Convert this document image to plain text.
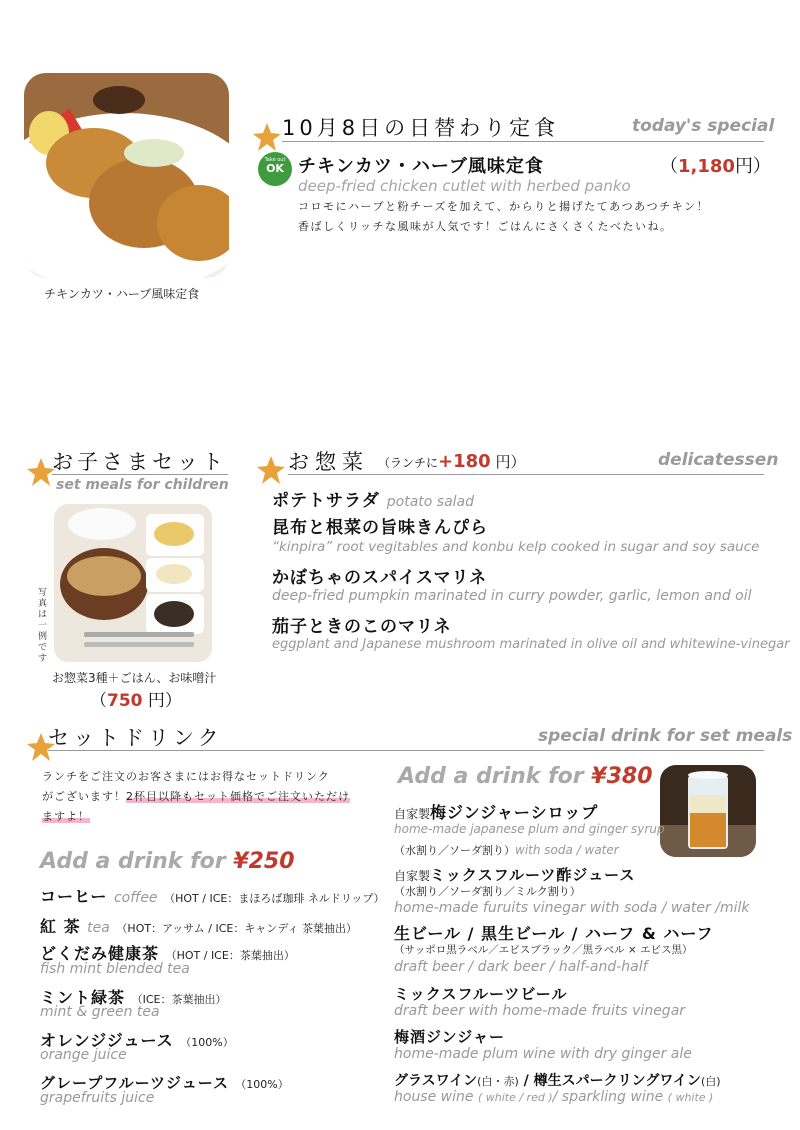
チキンカツ・ハーブ風味定食
10月8日の日替わり定食	today's special
Take out
OK チキンカツ・ハーブ風味定食	（1,180円）
deep-fried chicken cutlet with herbed panko
コロモにハーブと粉チーズを加えて、からりと揚げたてあつあつチキン！
香ばしくリッチな風味が人気です！ごはんにさくさくたべたいね。
お子さまセット
set meals for children
写真は一例です
お惣菜3種＋ごはん、お味噌汁
（750 円）
お惣菜 （ランチに+180 円）	delicatessen
ポテトサラダ potato salad
昆布と根菜の旨味きんぴら
“kinpira” root vegitables and konbu kelp cooked in sugar and soy sauce
かぼちゃのスパイスマリネ
deep-fried pumpkin marinated in curry powder, garlic, lemon and oil
茄子ときのこのマリネ
eggplant and Japanese mushroom marinated in olive oil and whitewine-vinegar
セットドリンク	special drink for set meals
ランチをご注文のお客さまにはお得なセットドリンク
がございます！2杯目以降もセット価格でご注文いただけ
ますよ！
Add a drink for ¥250
コーヒー coffee （HOT / ICE：まほろば珈琲 ネルドリップ）
紅 茶 tea （HOT：アッサム / ICE：キャンディ 茶葉抽出）
どくだみ健康茶 （HOT / ICE：茶葉抽出）
fish mint blended tea
ミント緑茶 （ICE：茶葉抽出）
mint & green tea
オレンジジュース （100%）
orange juice
グレープフルーツジュース （100%）
grapefruits juice
Add a drink for ¥380
自家製梅ジンジャーシロップ
home-made japanese plum and ginger syrup
（水割り／ソーダ割り）with soda / water
自家製ミックスフルーツ酢ジュース
（水割り／ソーダ割り／ミルク割り）
home-made furuits vinegar with soda / water /milk
生ビール / 黒生ビール / ハーフ & ハーフ
（サッポロ黒ラベル／エビスブラック／黒ラベル × エビス黒）
draft beer / dark beer / half-and-half
ミックスフルーツビール
draft beer with home-made fruits vinegar
梅酒ジンジャー
home-made plum wine with dry ginger ale
グラスワイン(白・赤) / 樽生スパークリングワイン(白)
house wine ( white / red )/ sparkling wine ( white )
